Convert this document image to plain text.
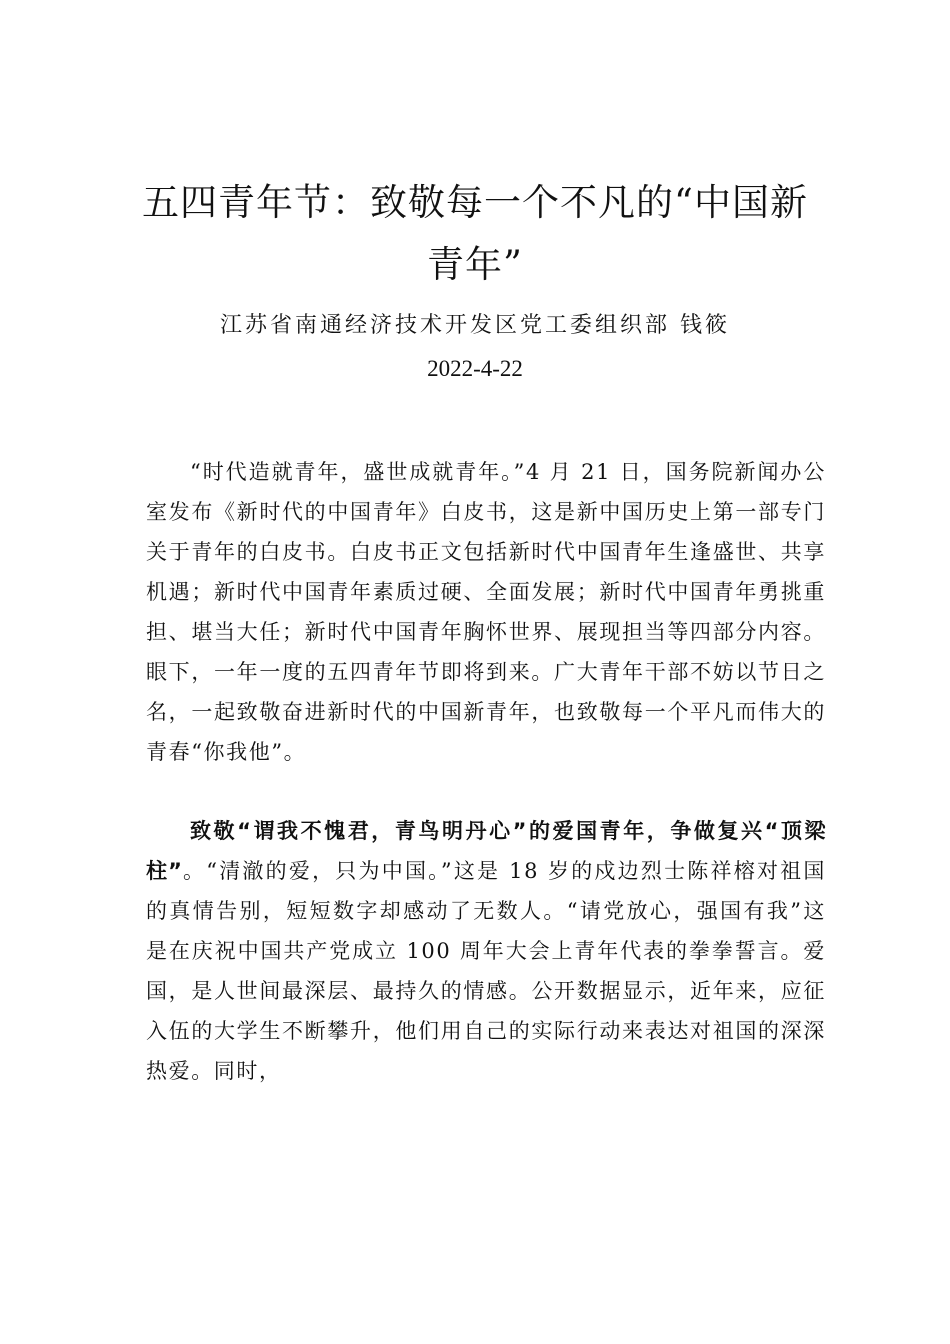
五四青年节：致敬每一个不凡的“中国新青年”
江苏省南通经济技术开发区党工委组织部 钱筱
2022-4-22

“时代造就青年，盛世成就青年。”4 月 21 日，国务院新闻办公室发布《新时代的中国青年》白皮书，这是新中国历史上第一部专门关于青年的白皮书。白皮书正文包括新时代中国青年生逢盛世、共享机遇；新时代中国青年素质过硬、全面发展；新时代中国青年勇挑重担、堪当大任；新时代中国青年胸怀世界、展现担当等四部分内容。眼下，一年一度的五四青年节即将到来。广大青年干部不妨以节日之名，一起致敬奋进新时代的中国新青年，也致敬每一个平凡而伟大的青春“你我他”。

致敬“谓我不愧君，青鸟明丹心”的爱国青年，争做复兴“顶梁柱”。“清澈的爱，只为中国。”这是 18 岁的戍边烈士陈祥榕对祖国的真情告别，短短数字却感动了无数人。“请党放心，强国有我”这是在庆祝中国共产党成立 100 周年大会上青年代表的拳拳誓言。爱国，是人世间最深层、最持久的情感。公开数据显示，近年来，应征入伍的大学生不断攀升，他们用自己的实际行动来表达对祖国的深深热爱。同时，
